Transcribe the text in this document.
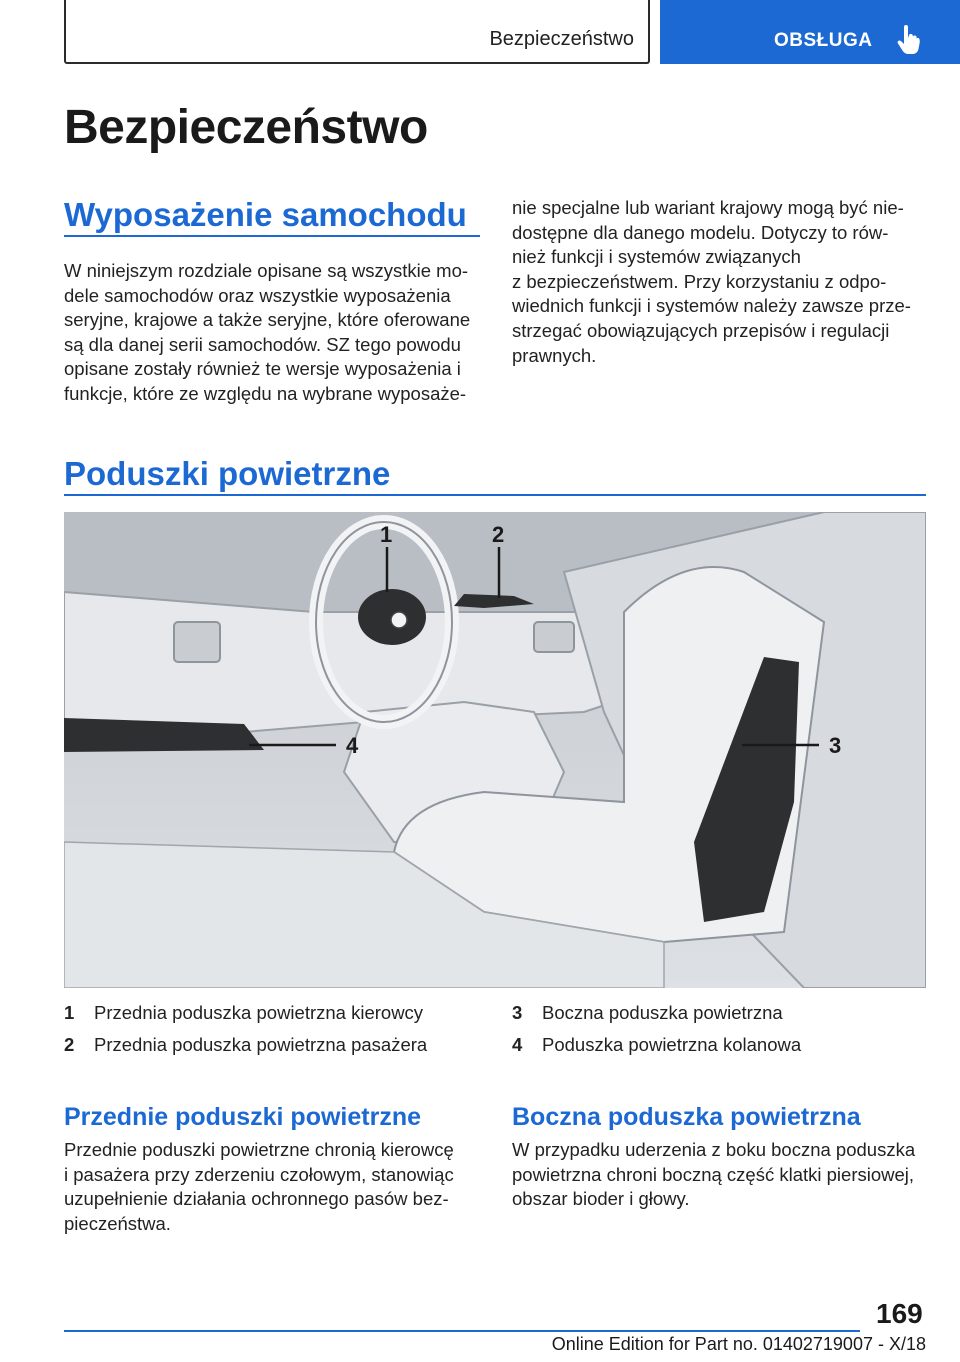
Bezpieczeństwo	OBSŁUGA
Bezpieczeństwo
Wyposażenie samochodu
W niniejszym rozdziale opisane są wszystkie mo‐
dele samochodów oraz wszystkie wyposażenia
seryjne, krajowe a także seryjne, które oferowane
są dla danej serii samochodów. SZ tego powodu
opisane zostały również te wersje wyposażenia i
funkcje, które ze względu na wybrane wyposaże‐
nie specjalne lub wariant krajowy mogą być nie‐
dostępne dla danego modelu. Dotyczy to rów‐
nież funkcji i systemów związanych
z bezpieczeństwem. Przy korzystaniu z odpo‐
wiednich funkcji i systemów należy zawsze prze‐
strzegać obowiązujących przepisów i regulacji
prawnych.
Poduszki powietrzne
1	2
3
4
1 Przednia poduszka powietrzna kierowcy
2 Przednia poduszka powietrzna pasażera
3 Boczna poduszka powietrzna
4 Poduszka powietrzna kolanowa
Przednie poduszki powietrzne
Przednie poduszki powietrzne chronią kierowcę
i pasażera przy zderzeniu czołowym, stanowiąc
uzupełnienie działania ochronnego pasów bez‐
pieczeństwa.
Boczna poduszka powietrzna
W przypadku uderzenia z boku boczna poduszka
powietrzna chroni boczną część klatki piersiowej,
obszar bioder i głowy.
169
Online Edition for Part no. 01402719007 - X/18
